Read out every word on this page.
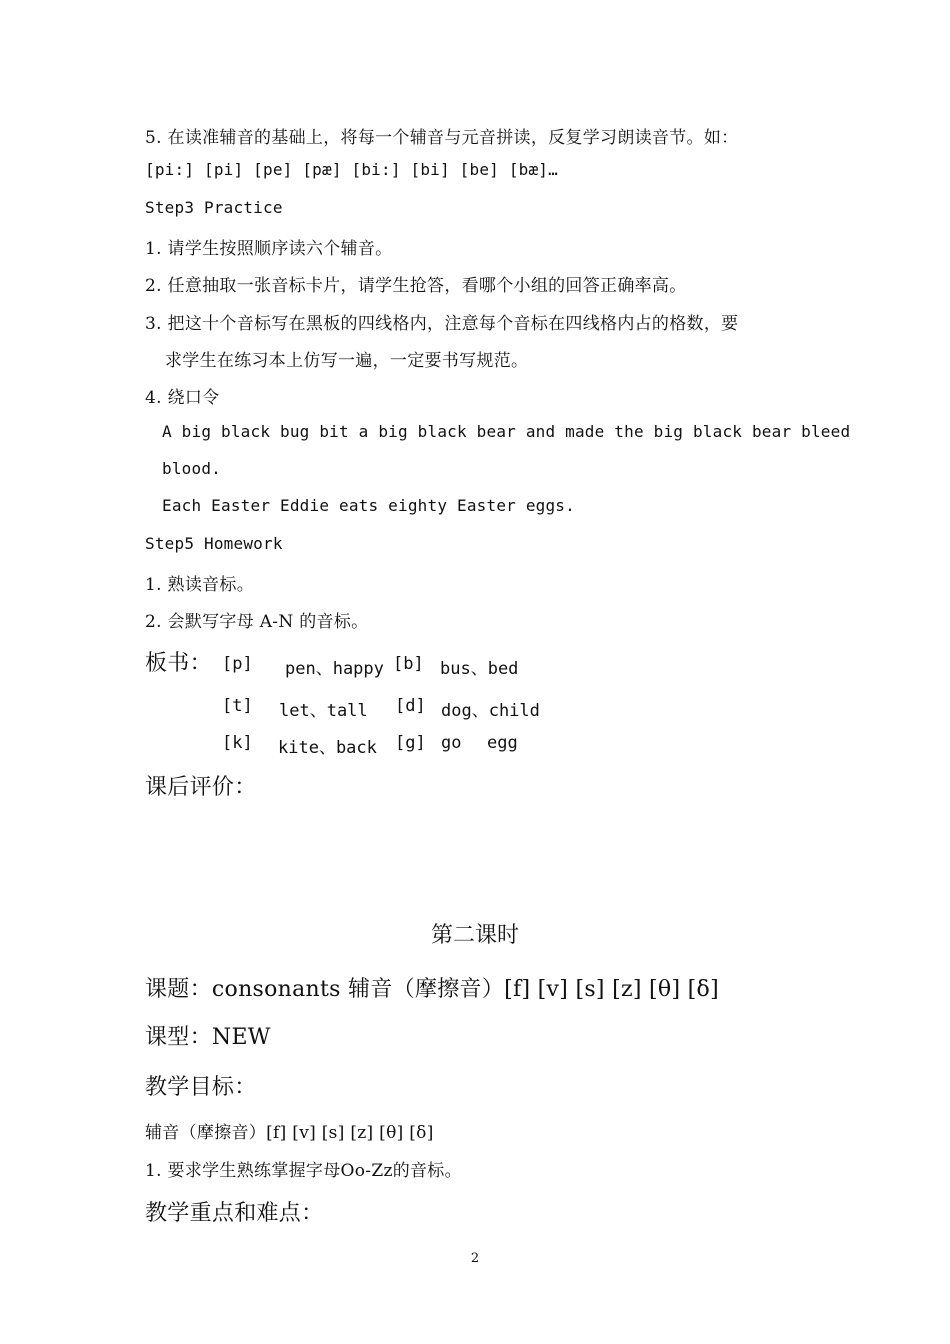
5. 在读准辅音的基础上，将每一个辅音与元音拼读，反复学习朗读音节。如：
[pi:] [pi] [pe] [pæ] [bi:] [bi] [be] [bæ]…
Step3 Practice
1. 请学生按照顺序读六个辅音。
2. 任意抽取一张音标卡片，请学生抢答，看哪个小组的回答正确率高。
3. 把这十个音标写在黑板的四线格内，注意每个音标在四线格内占的格数，要
求学生在练习本上仿写一遍，一定要书写规范。
4. 绕口令
A big black bug bit a big black bear and made the big black bear bleed
blood.
Each Easter Eddie eats eighty Easter eggs.
Step5 Homework
1. 熟读音标。
2. 会默写字母 A-N 的音标。
板书： [p] pen、happy [b] bus、bed
[t] let、tall [d] dog、child
[k] kite、back [g] go egg
课后评价：
第二课时
课题：consonants 辅音（摩擦音）[f] [v] [s] [z] [θ] [δ]
课型：NEW
教学目标：
辅音（摩擦音）[f] [v] [s] [z] [θ] [δ]
1. 要求学生熟练掌握字母Oo-Zz的音标。
教学重点和难点：
2
